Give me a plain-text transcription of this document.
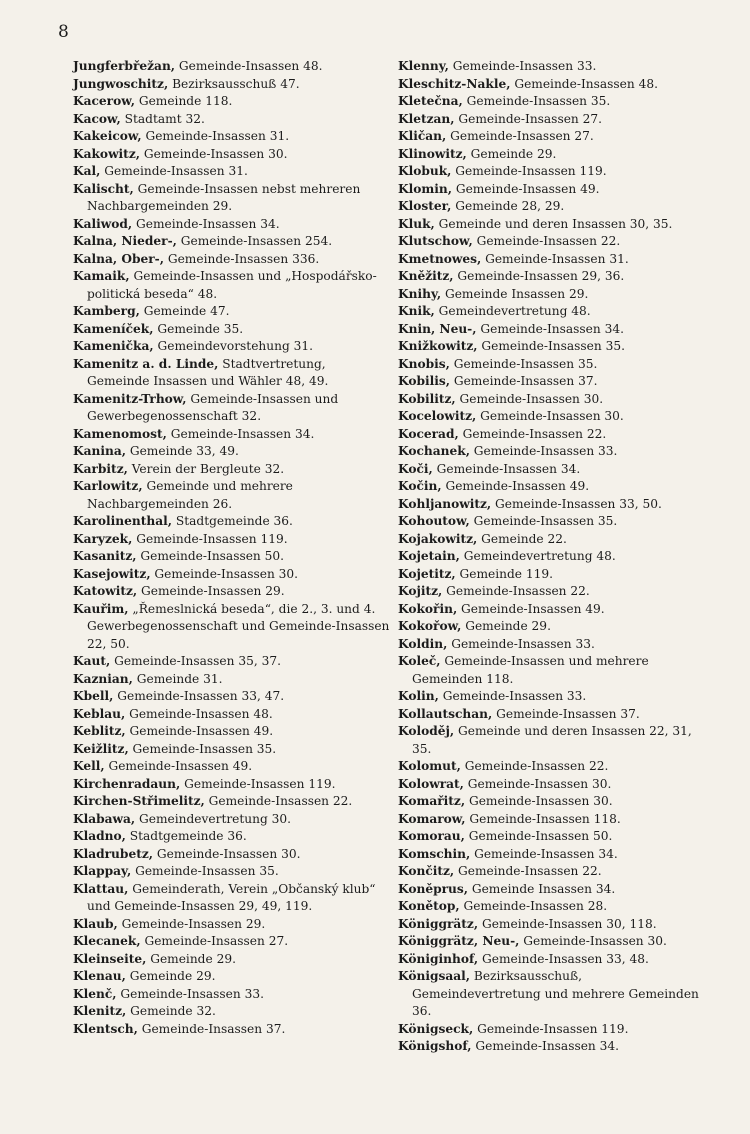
8
Jungferbřežan, Gemeinde-Insassen 48.
Jungwoschitz, Bezirksausschuß 47.
Kacerow, Gemeinde 118.
Kacow, Stadtamt 32.
Kakeicow, Gemeinde-Insassen 31.
Kakowitz, Gemeinde-Insassen 30.
Kal, Gemeinde-Insassen 31.
Kalischt, Gemeinde-Insassen nebst mehreren Nachbargemeinden 29.
Kaliwod, Gemeinde-Insassen 34.
Kalna, Nieder-, Gemeinde-Insassen 254.
Kalna, Ober-, Gemeinde-Insassen 336.
Kamaik, Gemeinde-Insassen und „Hospodářsko-politická beseda“ 48.
Kamberg, Gemeinde 47.
Kameníček, Gemeinde 35.
Kamenička, Gemeindevorstehung 31.
Kamenitz a. d. Linde, Stadtvertretung, Gemeinde Insassen und Wähler 48, 49.
Kamenitz-Trhow, Gemeinde-Insassen und Gewerbegenossenschaft 32.
Kamenomost, Gemeinde-Insassen 34.
Kanina, Gemeinde 33, 49.
Karbitz, Verein der Bergleute 32.
Karlowitz, Gemeinde und mehrere Nachbargemeinden 26.
Karolinenthal, Stadtgemeinde 36.
Karyzek, Gemeinde-Insassen 119.
Kasanitz, Gemeinde-Insassen 50.
Kasejowitz, Gemeinde-Insassen 30.
Katowitz, Gemeinde-Insassen 29.
Kauřim, „Řemeslnická beseda“, die 2., 3. und 4. Gewerbegenossenschaft und Gemeinde-Insassen 22, 50.
Kaut, Gemeinde-Insassen 35, 37.
Kaznian, Gemeinde 31.
Kbell, Gemeinde-Insassen 33, 47.
Keblau, Gemeinde-Insassen 48.
Keblitz, Gemeinde-Insassen 49.
Keižlitz, Gemeinde-Insassen 35.
Kell, Gemeinde-Insassen 49.
Kirchenradaun, Gemeinde-Insassen 119.
Kirchen-Střimelitz, Gemeinde-Insassen 22.
Klabawa, Gemeindevertretung 30.
Kladno, Stadtgemeinde 36.
Kladrubetz, Gemeinde-Insassen 30.
Klappay, Gemeinde-Insassen 35.
Klattau, Gemeinderath, Verein „Občanský klub“ und Gemeinde-Insassen 29, 49, 119.
Klaub, Gemeinde-Insassen 29.
Klecanek, Gemeinde-Insassen 27.
Kleinseite, Gemeinde 29.
Klenau, Gemeinde 29.
Klenč, Gemeinde-Insassen 33.
Klenitz, Gemeinde 32.
Klentsch, Gemeinde-Insassen 37.
Klenny, Gemeinde-Insassen 33.
Kleschitz-Nakle, Gemeinde-Insassen 48.
Kletečna, Gemeinde-Insassen 35.
Kletzan, Gemeinde-Insassen 27.
Kličan, Gemeinde-Insassen 27.
Klinowitz, Gemeinde 29.
Klobuk, Gemeinde-Insassen 119.
Klomin, Gemeinde-Insassen 49.
Kloster, Gemeinde 28, 29.
Kluk, Gemeinde und deren Insassen 30, 35.
Klutschow, Gemeinde-Insassen 22.
Kmetnowes, Gemeinde-Insassen 31.
Kněžitz, Gemeinde-Insassen 29, 36.
Knihy, Gemeinde Insassen 29.
Knik, Gemeindevertretung 48.
Knin, Neu-, Gemeinde-Insassen 34.
Knižkowitz, Gemeinde-Insassen 35.
Knobis, Gemeinde-Insassen 35.
Kobilis, Gemeinde-Insassen 37.
Kobilitz, Gemeinde-Insassen 30.
Kocelowitz, Gemeinde-Insassen 30.
Kocerad, Gemeinde-Insassen 22.
Kochanek, Gemeinde-Insassen 33.
Koči, Gemeinde-Insassen 34.
Kočin, Gemeinde-Insassen 49.
Kohljanowitz, Gemeinde-Insassen 33, 50.
Kohoutow, Gemeinde-Insassen 35.
Kojakowitz, Gemeinde 22.
Kojetain, Gemeindevertretung 48.
Kojetitz, Gemeinde 119.
Kojitz, Gemeinde-Insassen 22.
Kokořin, Gemeinde-Insassen 49.
Kokořow, Gemeinde 29.
Koldin, Gemeinde-Insassen 33.
Koleč, Gemeinde-Insassen und mehrere Gemeinden 118.
Kolin, Gemeinde-Insassen 33.
Kollautschan, Gemeinde-Insassen 37.
Koloděj, Gemeinde und deren Insassen 22, 31, 35.
Kolomut, Gemeinde-Insassen 22.
Kolowrat, Gemeinde-Insassen 30.
Komařitz, Gemeinde-Insassen 30.
Komarow, Gemeinde-Insassen 118.
Komorau, Gemeinde-Insassen 50.
Komschin, Gemeinde-Insassen 34.
Končitz, Gemeinde-Insassen 22.
Koněprus, Gemeinde Insassen 34.
Konětop, Gemeinde-Insassen 28.
Königgrätz, Gemeinde-Insassen 30, 118.
Königgrätz, Neu-, Gemeinde-Insassen 30.
Königinhof, Gemeinde-Insassen 33, 48.
Königsaal, Bezirksausschuß, Gemeindevertretung und mehrere Gemeinden 36.
Königseck, Gemeinde-Insassen 119.
Königshof, Gemeinde-Insassen 34.
